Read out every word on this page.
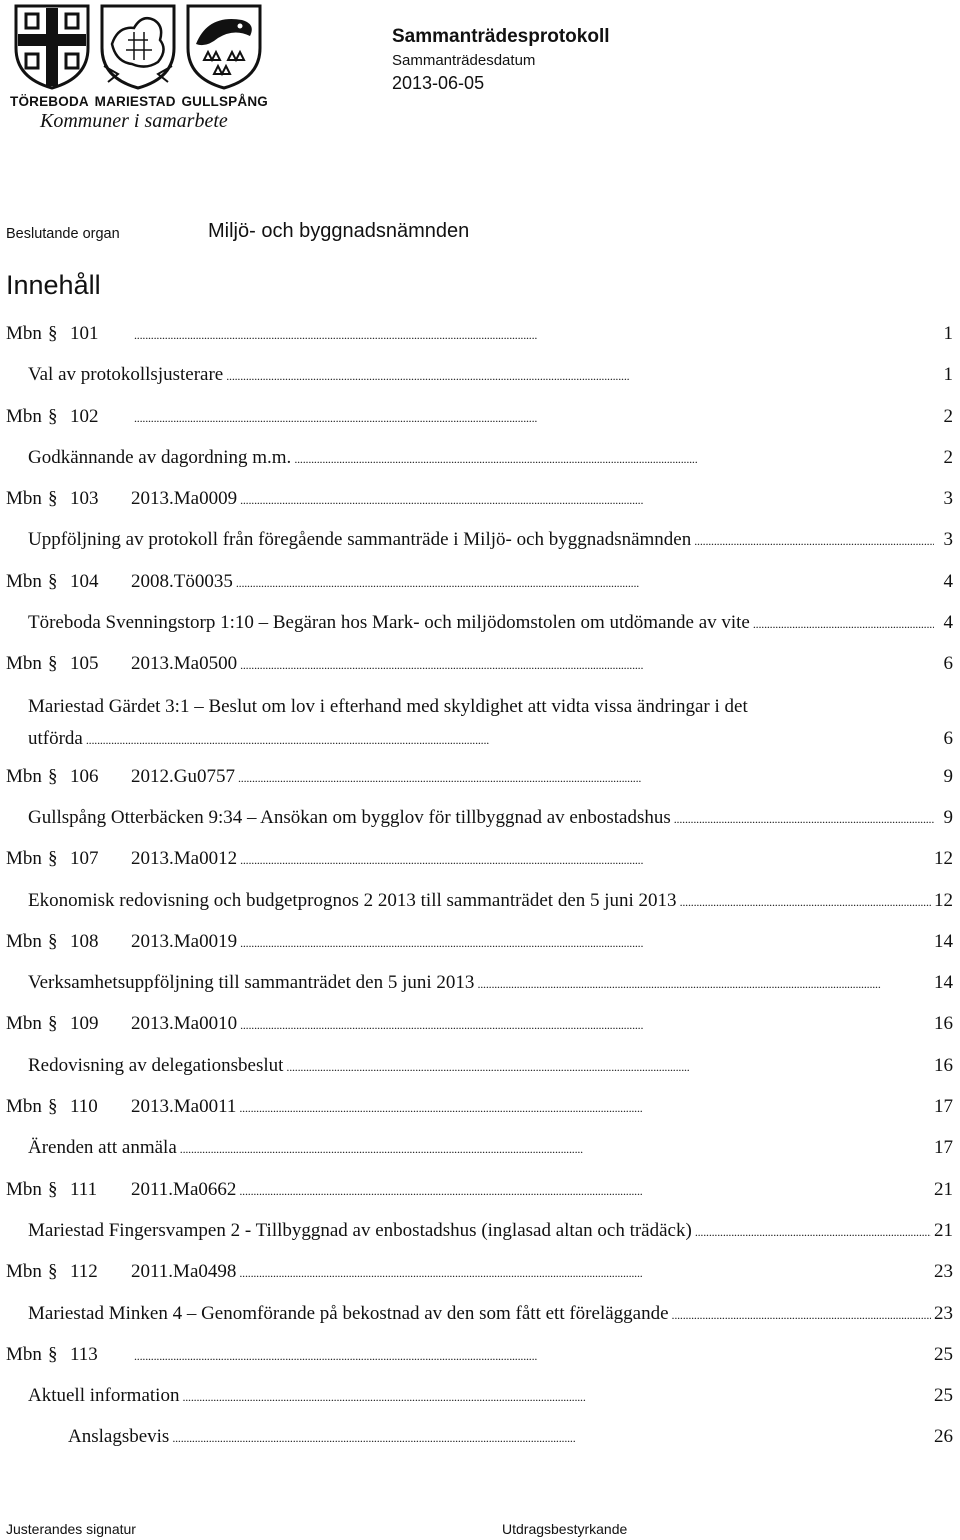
TÖREBODA MARIESTAD GULLSPÅNG
Kommuner i samarbete
Sammanträdesprotokoll
Sammanträdesdatum
2013-06-05
Beslutande organ	Miljö- och byggnadsnämnden
Innehåll
Mbn § 101 . . .	1
Val av protokollsjusterare . . .	1
Mbn § 102 . . .	2
Godkännande av dagordning m.m. . . .	2
Mbn § 103	2013.Ma0009 . . .	3
Uppföljning av protokoll från föregående sammanträde i Miljö- och byggnadsnämnden . . .	3
Mbn § 104	2008.Tö0035 . . .	4
Töreboda Svenningstorp 1:10 – Begäran hos Mark- och miljödomstolen om utdömande av vite . . .	4
Mbn § 105	2013.Ma0500 . . .	6
Mariestad Gärdet 3:1 – Beslut om lov i efterhand med skyldighet att vidta vissa ändringar i det
utförda . . .	6
Mbn § 106	2012.Gu0757 . . .	9
Gullspång Otterbäcken 9:34 – Ansökan om bygglov för tillbyggnad av enbostadshus . . .	9
Mbn § 107	2013.Ma0012 . . .	12
Ekonomisk redovisning och budgetprognos 2 2013 till sammanträdet den 5 juni 2013 . . .	12
Mbn § 108	2013.Ma0019 . . .	14
Verksamhetsuppföljning till sammanträdet den 5 juni 2013 . . .	14
Mbn § 109	2013.Ma0010 . . .	16
Redovisning av delegationsbeslut . . .	16
Mbn § 110	2013.Ma0011 . . .	17
Ärenden att anmäla . . .	17
Mbn § 111	2011.Ma0662 . . .	21
Mariestad Fingersvampen 2 - Tillbyggnad av enbostadshus (inglasad altan och trädäck) . . .	21
Mbn § 112	2011.Ma0498 . . .	23
Mariestad Minken 4 – Genomförande på bekostnad av den som fått ett föreläggande . . .	23
Mbn § 113 . . .	25
Aktuell information . . .	25
Anslagsbevis . . .	26
Justerandes signatur	Utdragsbestyrkande
